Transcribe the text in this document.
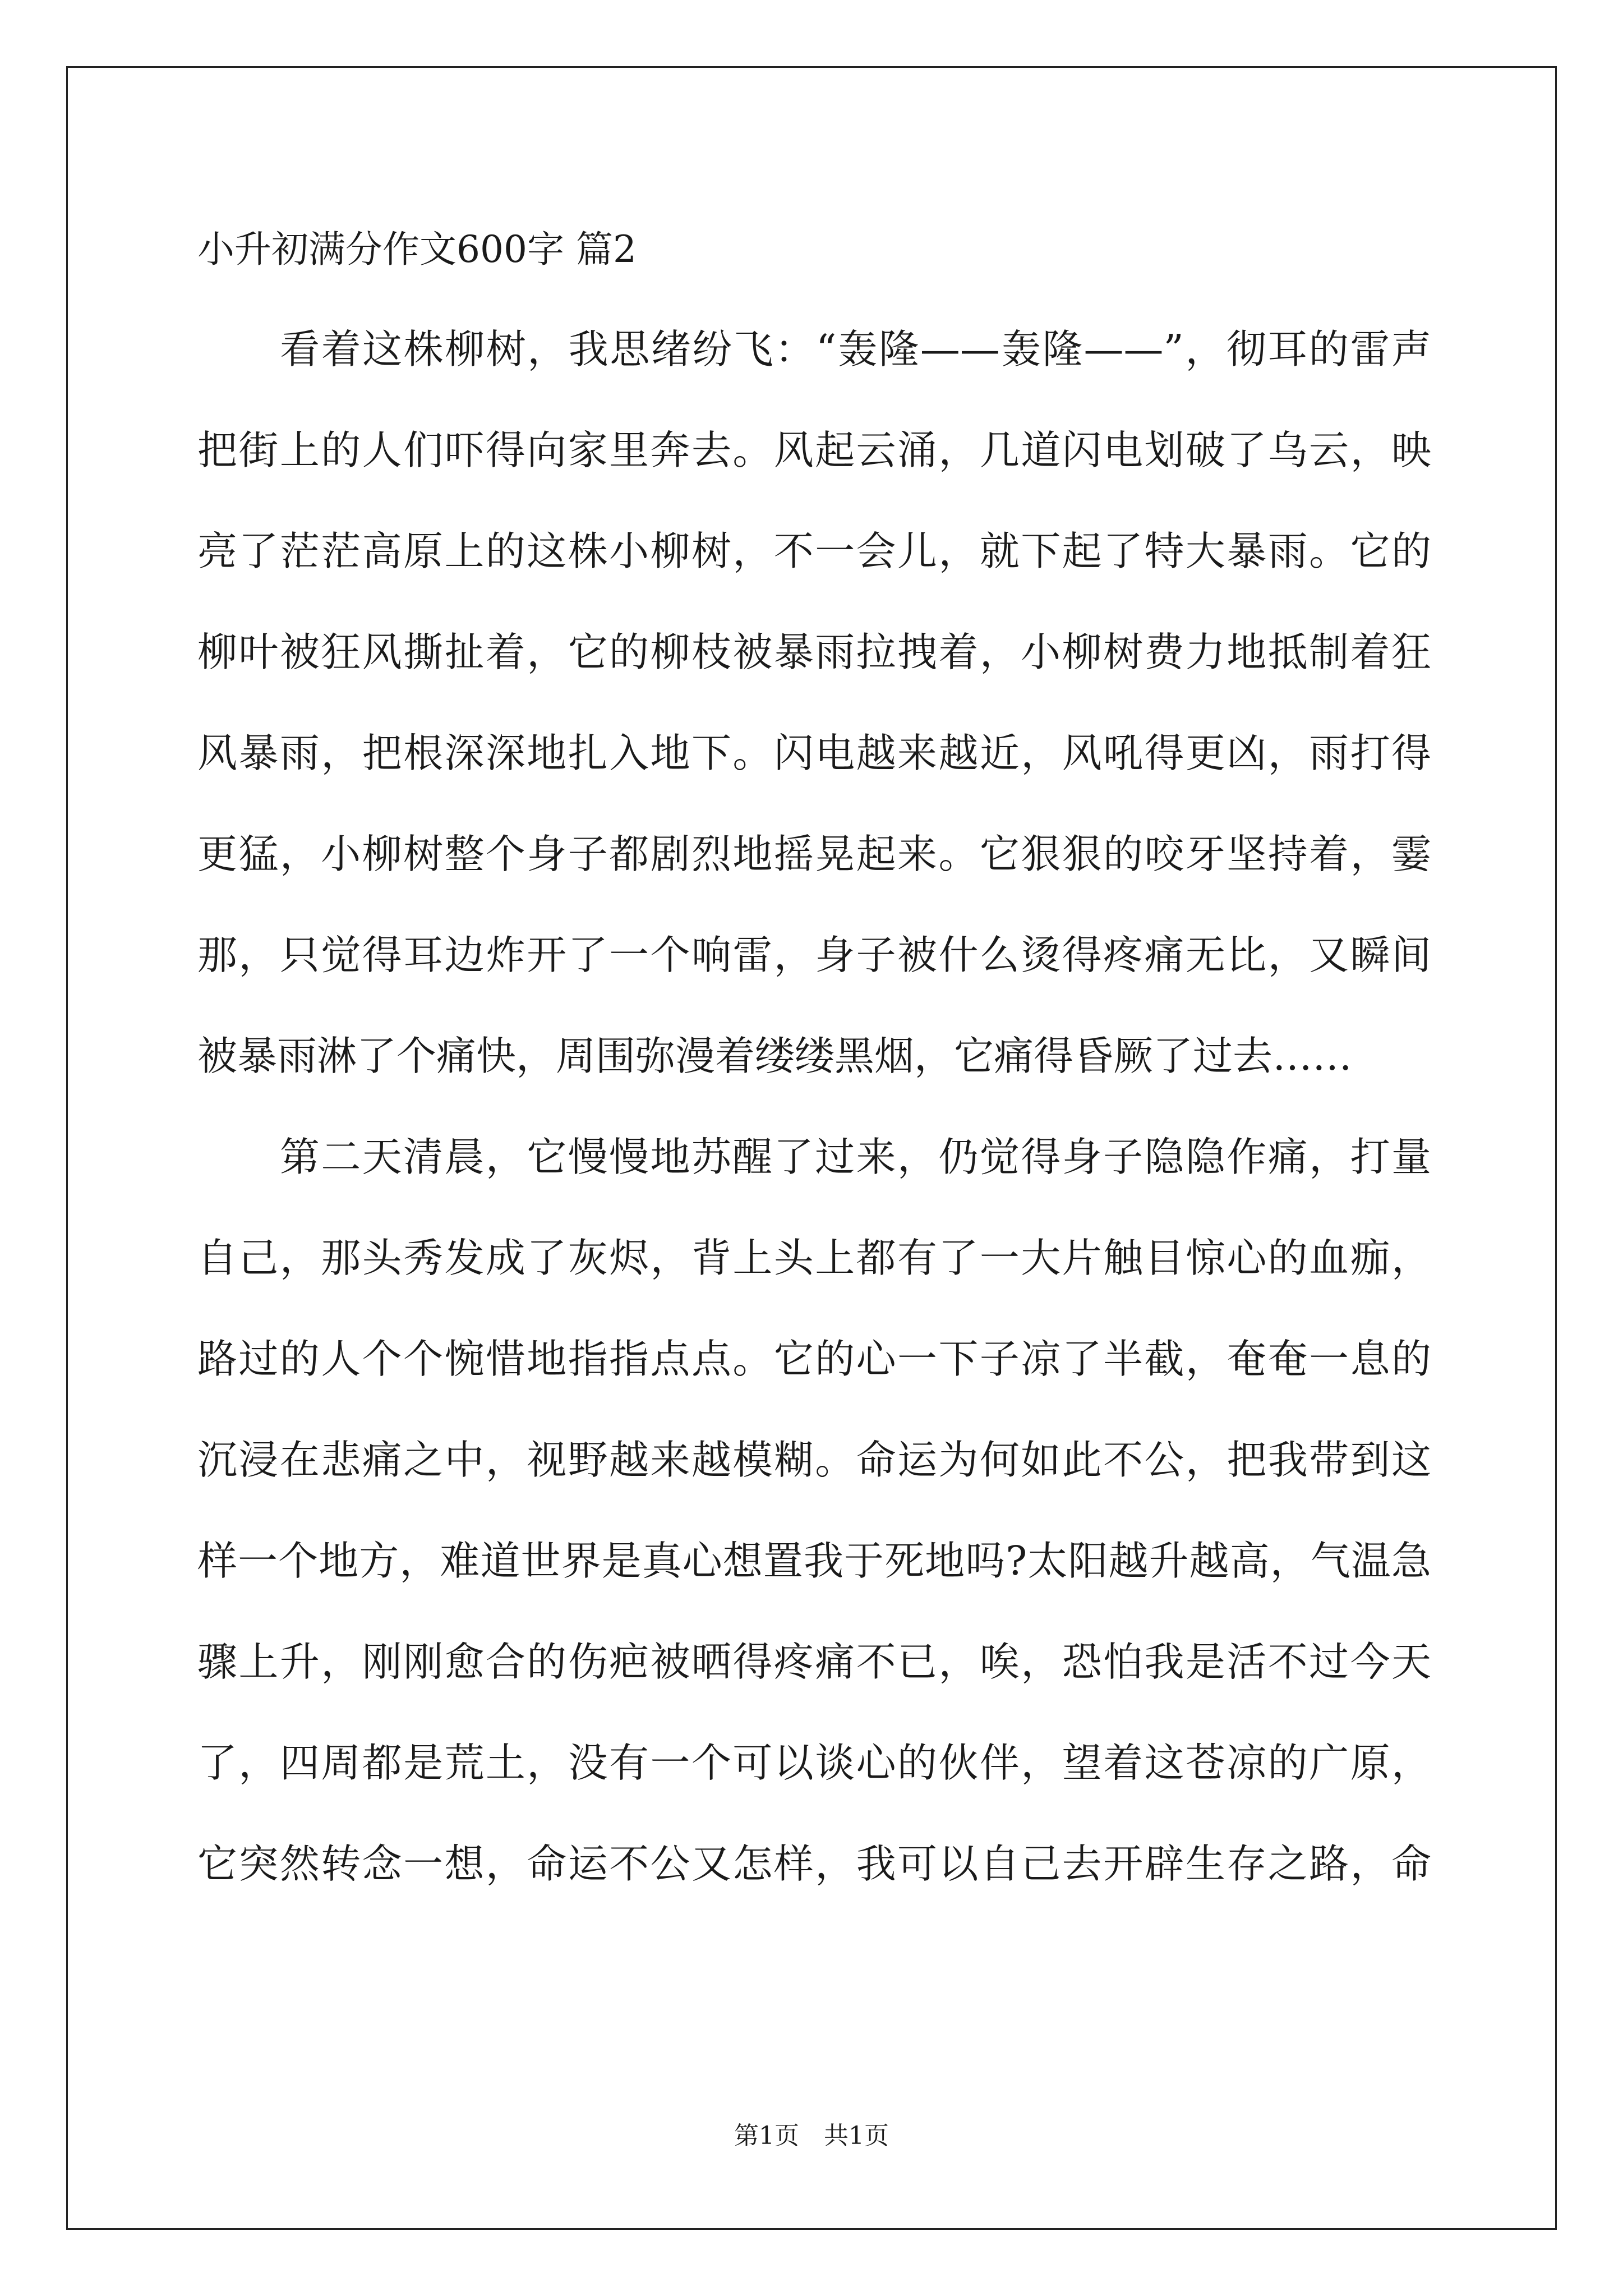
小升初满分作文600字 篇2
　　看着这株柳树，我思绪纷飞：“轰隆——轰隆——”，彻耳的雷声
把街上的人们吓得向家里奔去。风起云涌，几道闪电划破了乌云，映
亮了茫茫高原上的这株小柳树，不一会儿，就下起了特大暴雨。它的
柳叶被狂风撕扯着，它的柳枝被暴雨拉拽着，小柳树费力地抵制着狂
风暴雨，把根深深地扎入地下。闪电越来越近，风吼得更凶，雨打得
更猛，小柳树整个身子都剧烈地摇晃起来。它狠狠的咬牙坚持着，霎
那，只觉得耳边炸开了一个响雷，身子被什么烫得疼痛无比，又瞬间
被暴雨淋了个痛快，周围弥漫着缕缕黑烟，它痛得昏厥了过去……
　　第二天清晨，它慢慢地苏醒了过来，仍觉得身子隐隐作痛，打量
自己，那头秀发成了灰烬，背上头上都有了一大片触目惊心的血痂，
路过的人个个惋惜地指指点点。它的心一下子凉了半截，奄奄一息的
沉浸在悲痛之中，视野越来越模糊。命运为何如此不公，把我带到这
样一个地方，难道世界是真心想置我于死地吗?太阳越升越高，气温急
骤上升，刚刚愈合的伤疤被晒得疼痛不已，唉，恐怕我是活不过今天
了，四周都是荒土，没有一个可以谈心的伙伴，望着这苍凉的广原，
它突然转念一想，命运不公又怎样，我可以自己去开辟生存之路，命
第1页　共1页
